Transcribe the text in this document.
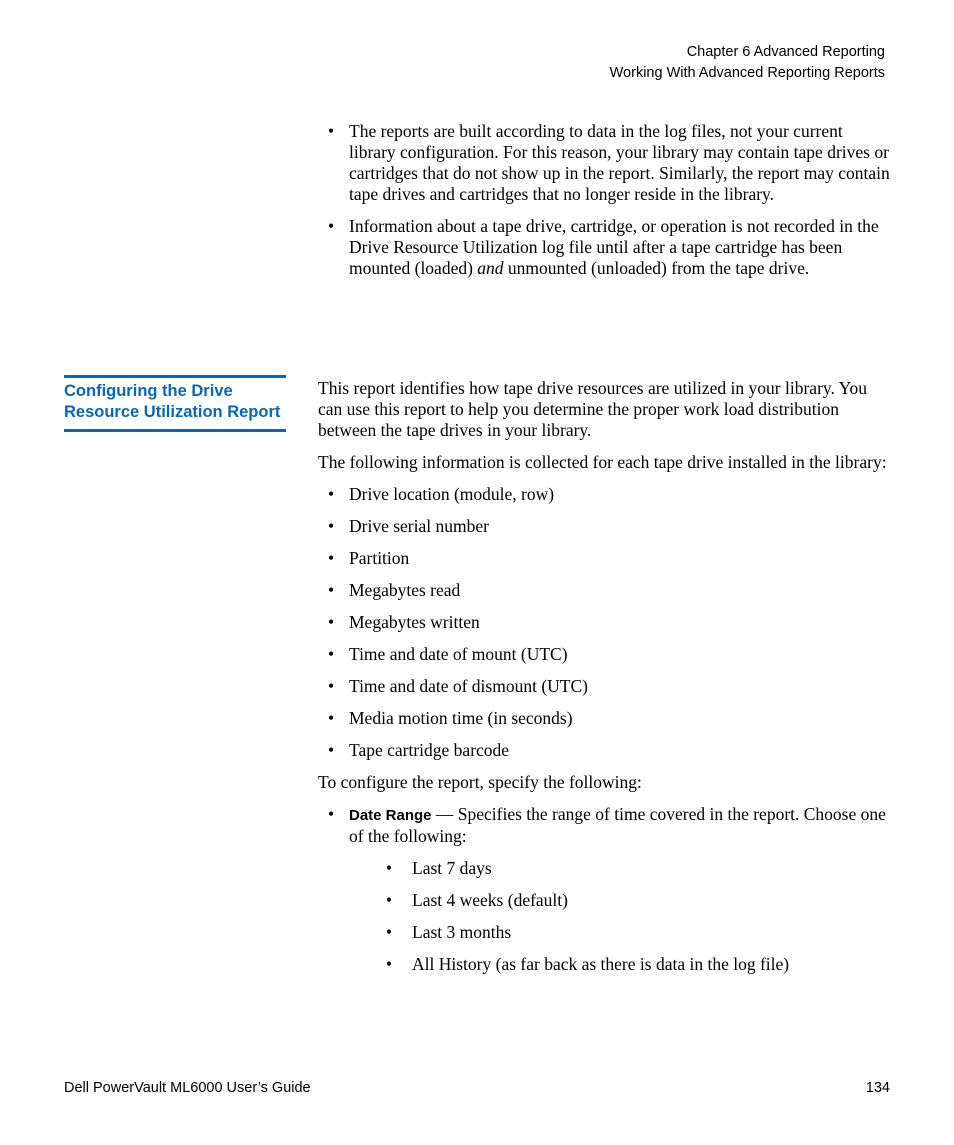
Chapter 6 Advanced Reporting
Working With Advanced Reporting Reports
• The reports are built according to data in the log files, not your current library configuration. For this reason, your library may contain tape drives or cartridges that do not show up in the report. Similarly, the report may contain tape drives and cartridges that no longer reside in the library.
• Information about a tape drive, cartridge, or operation is not recorded in the Drive Resource Utilization log file until after a tape cartridge has been mounted (loaded) and unmounted (unloaded) from the tape drive.
Configuring the Drive Resource Utilization Report

This report identifies how tape drive resources are utilized in your library. You can use this report to help you determine the proper work load distribution between the tape drives in your library.

The following information is collected for each tape drive installed in the library:

• Drive location (module, row)
• Drive serial number
• Partition
• Megabytes read
• Megabytes written
• Time and date of mount (UTC)
• Time and date of dismount (UTC)
• Media motion time (in seconds)
• Tape cartridge barcode

To configure the report, specify the following:

• Date Range — Specifies the range of time covered in the report. Choose one of the following:
• Last 7 days
• Last 4 weeks (default)
• Last 3 months
• All History (as far back as there is data in the log file)
Dell PowerVault ML6000 User’s Guide	134
